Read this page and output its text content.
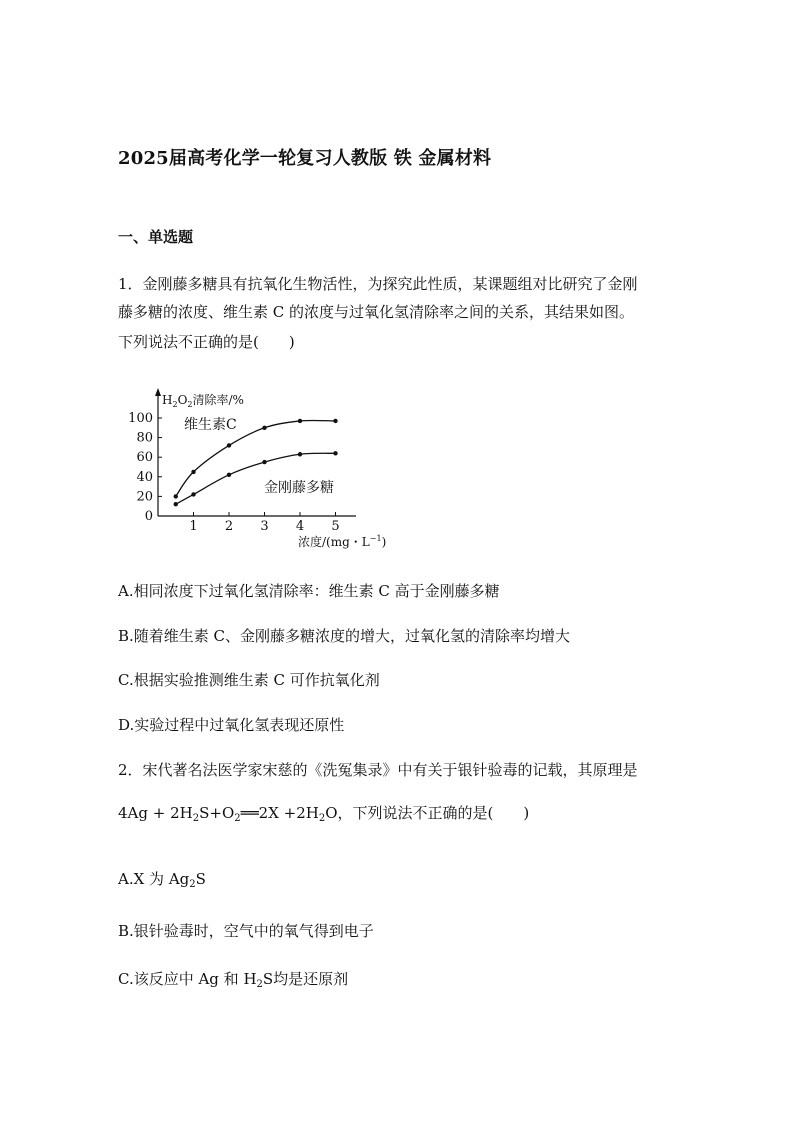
2025届高考化学一轮复习人教版 铁 金属材料
一、单选题
1．金刚藤多糖具有抗氧化生物活性，为探究此性质，某课题组对比研究了金刚
藤多糖的浓度、维生素 C 的浓度与过氧化氢清除率之间的关系，其结果如图。
下列说法不正确的是(　　)
$H_2O_2$清除率/%
0
20
40
60
80
100
1 2 3 4 5
维生素C
金刚藤多糖
浓度/(mg・$L^{-1}$)
A.相同浓度下过氧化氢清除率：维生素 C 高于金刚藤多糖
B.随着维生素 C、金刚藤多糖浓度的增大，过氧化氢的清除率均增大
C.根据实验推测维生素 C 可作抗氧化剂
D.实验过程中过氧化氢表现还原性
2．宋代著名法医学家宋慈的《洗冤集录》中有关于银针验毒的记载，其原理是
$4Ag + 2H_2S+O_2══2X +2H_2O$，下列说法不正确的是(　　)
A.X 为 $Ag_2S$
B.银针验毒时，空气中的氧气得到电子
C.该反应中 Ag 和 $H_2S$均是还原剂
